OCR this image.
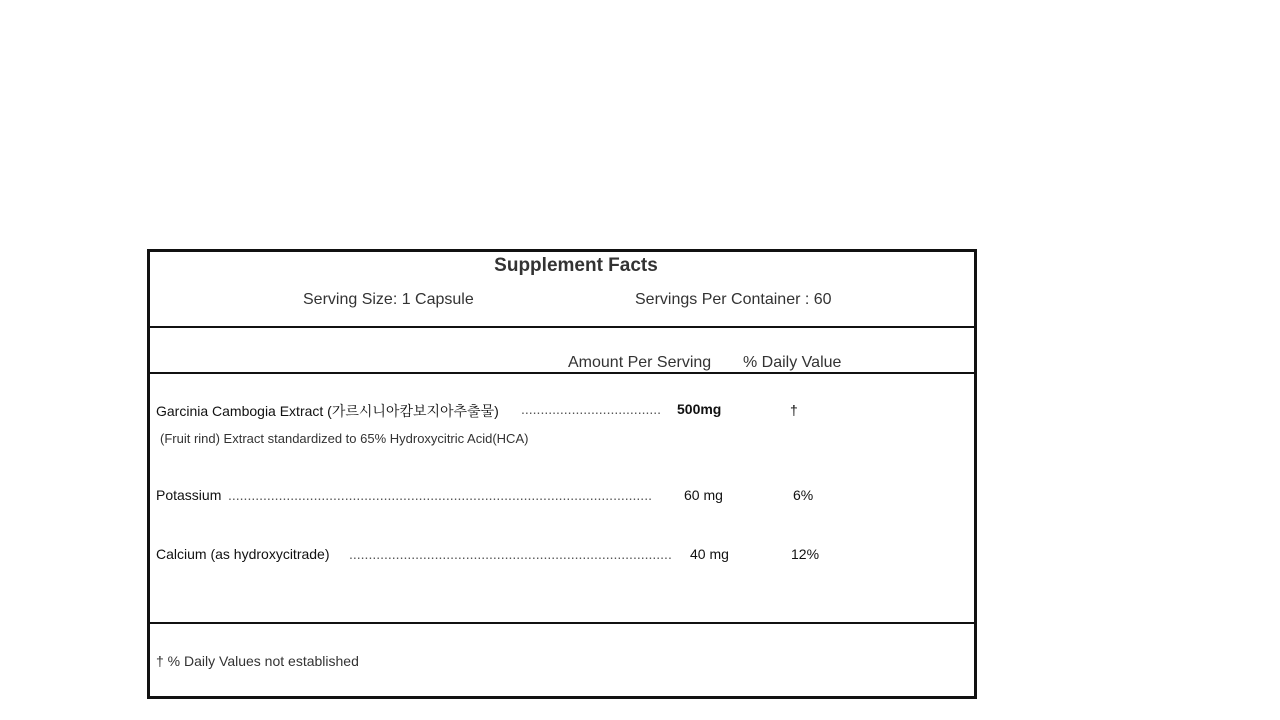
Supplement Facts
Serving Size: 1 Capsule	Servings Per Container : 60
Amount Per Serving % Daily Value
Garcinia Cambogia Extract (가르시니아캄보지아추출물) .................................... 500mg	†
(Fruit rind) Extract standardized to 65% Hydroxycitric Acid(HCA)
Potassium ............................................................................................................. 60 mg	6%
Calcium (as hydroxycitrade) ................................................................................... 40 mg	12%
† % Daily Values not established
